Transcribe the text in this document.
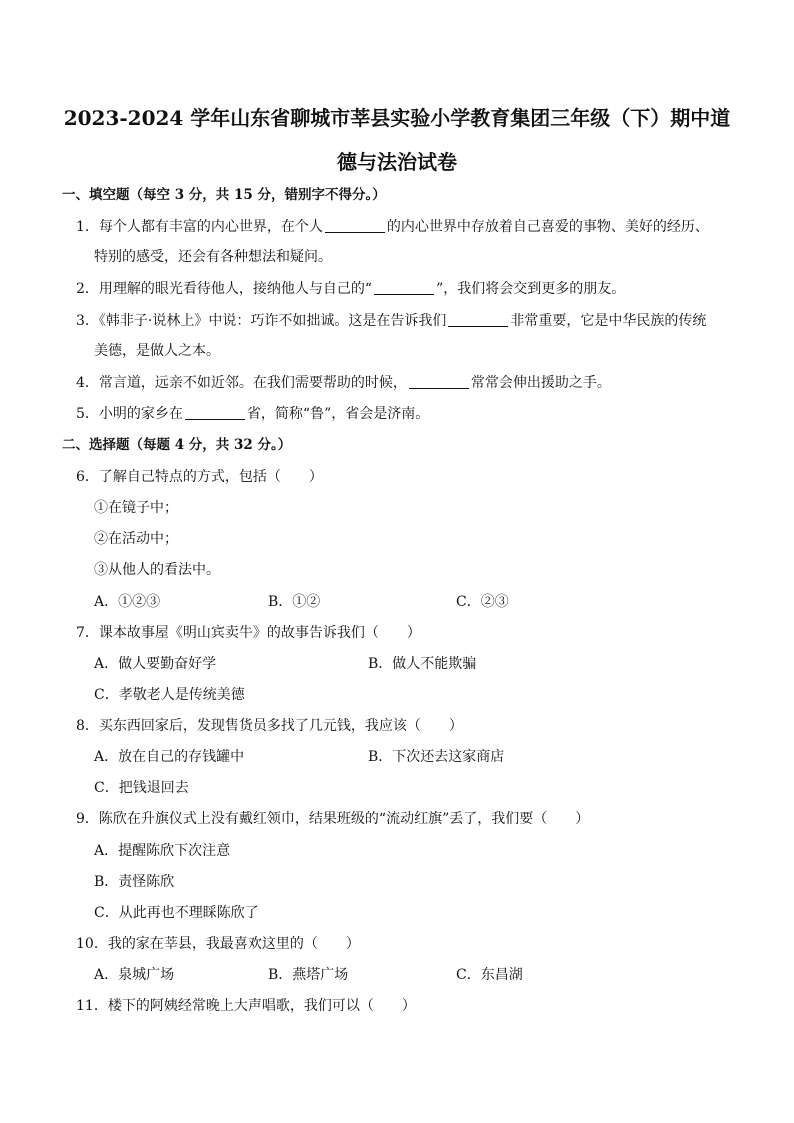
2023-2024 学年山东省聊城市莘县实验小学教育集团三年级（下）期中道
德与法治试卷
一、填空题（每空 3 分，共 15 分，错别字不得分。）
1．每个人都有丰富的内心世界，在个人	的内心世界中存放着自己喜爱的事物、美好的经历、
特别的感受，还会有各种想法和疑问。
2．用理解的眼光看待他人，接纳他人与自己的“	”，我们将会交到更多的朋友。
3．《韩非子·说林上》中说：巧诈不如拙诚。这是在告诉我们	非常重要，它是中华民族的传统
美德，是做人之本。
4．常言道，远亲不如近邻。在我们需要帮助的时候，	常常会伸出援助之手。
5．小明的家乡在	省，简称“鲁”，省会是济南。
二、选择题（每题 4 分，共 32 分。）
6．了解自己特点的方式，包括（　　）
①在镜子中；
②在活动中；
③从他人的看法中。
A．①②③	B．①②	C．②③
7．课本故事屋《明山宾卖牛》的故事告诉我们（　　）
A．做人要勤奋好学	B．做人不能欺骗
C．孝敬老人是传统美德
8．买东西回家后，发现售货员多找了几元钱，我应该（　　）
A．放在自己的存钱罐中	B．下次还去这家商店
C．把钱退回去
9．陈欣在升旗仪式上没有戴红领巾，结果班级的“流动红旗”丢了，我们要（　　）
A．提醒陈欣下次注意
B．责怪陈欣
C．从此再也不理睬陈欣了
10．我的家在莘县，我最喜欢这里的（　　）
A．泉城广场	B．燕塔广场	C．东昌湖
11．楼下的阿姨经常晚上大声唱歌，我们可以（　　）
